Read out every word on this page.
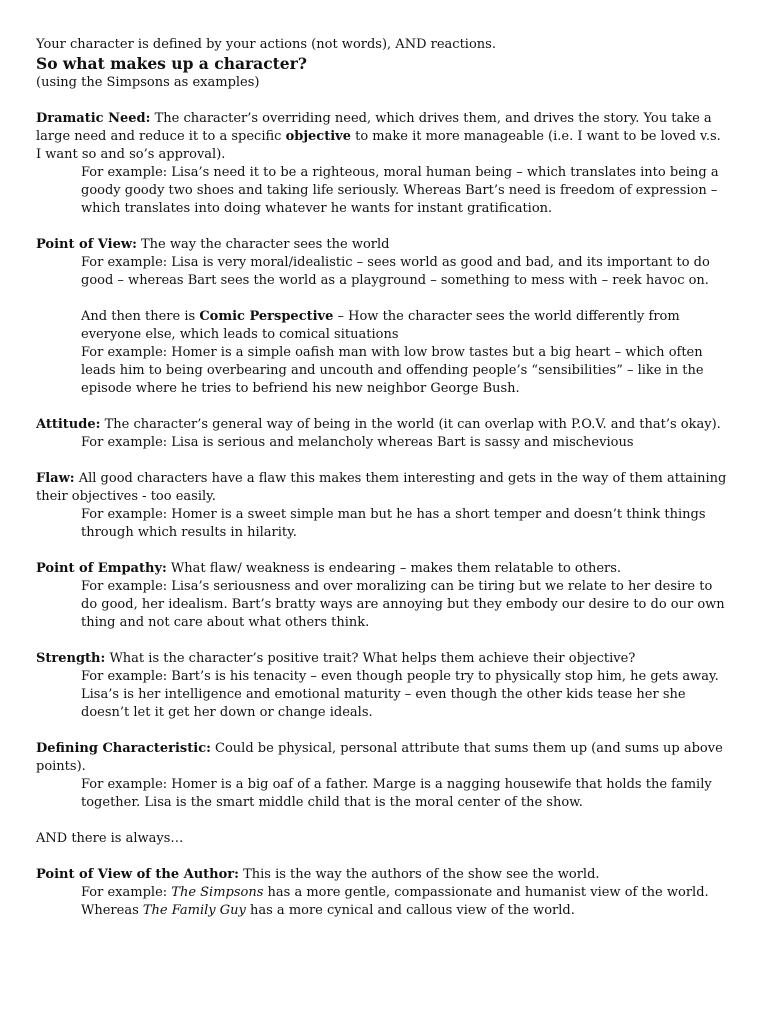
Your character is defined by your actions (not words), AND reactions.

So what makes up a character?

(using the Simpsons as examples)

Dramatic Need: The character’s overriding need, which drives them, and drives the story. You take a large need and reduce it to a specific objective to make it more manageable (i.e. I want to be loved v.s. I want so and so’s approval).

For example: Lisa’s need it to be a righteous, moral human being – which translates into being a goody goody two shoes and taking life seriously. Whereas Bart’s need is freedom of expression – which translates into doing whatever he wants for instant gratification.

Point of View: The way the character sees the world

For example: Lisa is very moral/idealistic – sees world as good and bad, and its important to do good – whereas Bart sees the world as a playground – something to mess with – reek havoc on.

And then there is Comic Perspective – How the character sees the world differently from everyone else, which leads to comical situations

For example: Homer is a simple oafish man with low brow tastes but a big heart – which often leads him to being overbearing and uncouth and offending people’s “sensibilities” – like in the episode where he tries to befriend his new neighbor George Bush.

Attitude: The character’s general way of being in the world (it can overlap with P.O.V. and that’s okay).

For example: Lisa is serious and melancholy whereas Bart is sassy and mischevious

Flaw: All good characters have a flaw this makes them interesting and gets in the way of them attaining their objectives - too easily.

For example: Homer is a sweet simple man but he has a short temper and doesn’t think things through which results in hilarity.

Point of Empathy: What flaw/ weakness is endearing – makes them relatable to others.

For example: Lisa’s seriousness and over moralizing can be tiring but we relate to her desire to do good, her idealism. Bart’s bratty ways are annoying but they embody our desire to do our own thing and not care about what others think.

Strength: What is the character’s positive trait? What helps them achieve their objective?

For example: Bart’s is his tenacity – even though people try to physically stop him, he gets away. Lisa’s is her intelligence and emotional maturity – even though the other kids tease her she doesn’t let it get her down or change ideals.

Defining Characteristic: Could be physical, personal attribute that sums them up (and sums up above points).

For example: Homer is a big oaf of a father. Marge is a nagging housewife that holds the family together. Lisa is the smart middle child that is the moral center of the show.

AND there is always…

Point of View of the Author: This is the way the authors of the show see the world.

For example: The Simpsons has a more gentle, compassionate and humanist view of the world. Whereas The Family Guy has a more cynical and callous view of the world.
